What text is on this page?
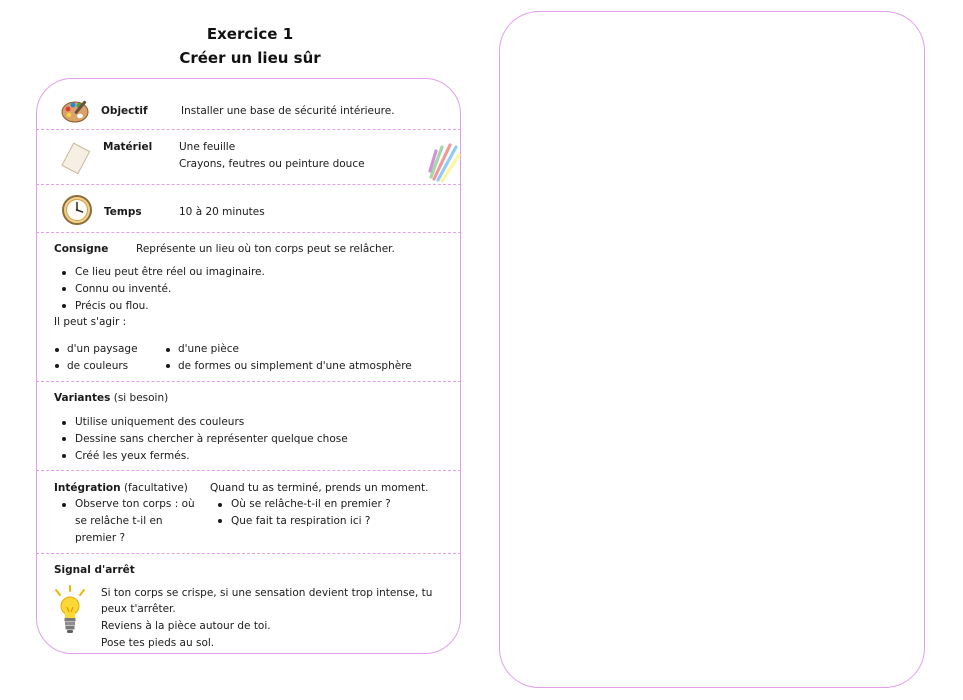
Exercice 1
Créer un lieu sûr
Objectif	Installer une base de sécurité intérieure.
Matériel	Une feuille
Crayons, feutres ou peinture douce
Temps	10 à 20 minutes
Consigne	Représente un lieu où ton corps peut se relâcher.
Ce lieu peut être réel ou imaginaire.
Connu ou inventé.
Précis ou flou.
Il peut s'agir :
d'un paysage
de couleurs
d'une pièce
de formes ou simplement d'une atmosphère
Variantes (si besoin)
Utilise uniquement des couleurs
Dessine sans chercher à représenter quelque chose
Créé les yeux fermés.
Intégration (facultative) Quand tu as terminé, prends un moment.
Observe ton corps : où
se relâche t-il en
premier ?
Où se relâche-t-il en premier ?
Que fait ta respiration ici ?
Signal d'arrêt
Si ton corps se crispe, si une sensation devient trop intense, tu
peux t'arrêter.
Reviens à la pièce autour de toi.
Pose tes pieds au sol.
